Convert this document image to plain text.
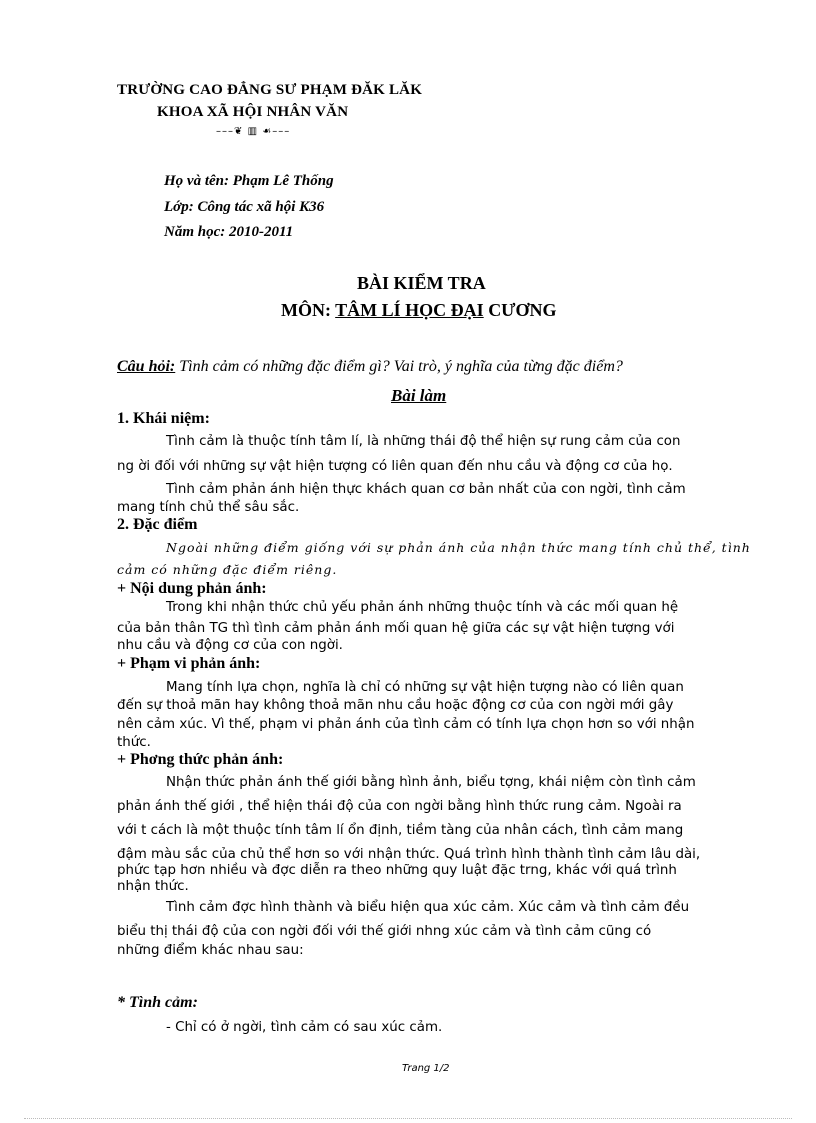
TRƯỜNG CAO ĐẲNG SƯ PHẠM ĐĂK LĂK
KHOA XÃ HỘI NHÂN VĂN
–––❦ ▥ ☙–––
Họ và tên: Phạm Lê Thống
Lớp: Công tác xã hội K36
Năm học: 2010-2011
BÀI KIỂM TRA
MÔN: TÂM LÍ HỌC ĐẠI CƯƠNG
Câu hỏi: Tình cảm có những đặc điểm gì? Vai trò, ý nghĩa của từng đặc điểm?
Bài làm
1. Khái niệm:
Tình cảm là thuộc tính tâm lí, là những thái độ thể hiện sự rung cảm của con
ng ời đối với những sự vật hiện tượng có liên quan đến nhu cầu và động cơ của họ.
Tình cảm phản ánh hiện thực khách quan cơ bản nhất của con ngời, tình cảm
mang tính chủ thể sâu sắc.
2. Đặc điểm
Ngoài những điểm giống với sự phản ánh của nhận thức mang tính chủ thể, tình
cảm có những đặc điểm riêng.
+ Nội dung phản ánh:
Trong khi nhận thức chủ yếu phản ánh những thuộc tính và các mối quan hệ
của bản thân TG thì tình cảm phản ánh mối quan hệ giữa các sự vật hiện tượng với
nhu cầu và động cơ của con ngời.
+ Phạm vi phản ánh:
Mang tính lựa chọn, nghĩa là chỉ có những sự vật hiện tượng nào có liên quan
đến sự thoả mãn hay không thoả mãn nhu cầu hoặc động cơ của con ngời mới gây
nên cảm xúc. Vì thế, phạm vi phản ánh của tình cảm có tính lựa chọn hơn so với nhận
thức.
+ Phơng thức phản ánh:
Nhận thức phản ánh thế giới bằng hình ảnh, biểu tợng, khái niệm còn tình cảm
phản ánh thế giới , thể hiện thái độ của con ngời bằng hình thức rung cảm. Ngoài ra
với t cách là một thuộc tính tâm lí ổn định, tiềm tàng của nhân cách, tình cảm mang
đậm màu sắc của chủ thể hơn so với nhận thức. Quá trình hình thành tình cảm lâu dài,
phức tạp hơn nhiều và đợc diễn ra theo những quy luật đặc trng, khác với quá trình
nhận thức.
Tình cảm đợc hình thành và biểu hiện qua xúc cảm. Xúc cảm và tình cảm đều
biểu thị thái độ của con ngời đối với thế giới nhng xúc cảm và tình cảm cũng có
những điểm khác nhau sau:
* Tình cảm:
- Chỉ có ở ngời, tình cảm có sau xúc cảm.
Trang 1/2
